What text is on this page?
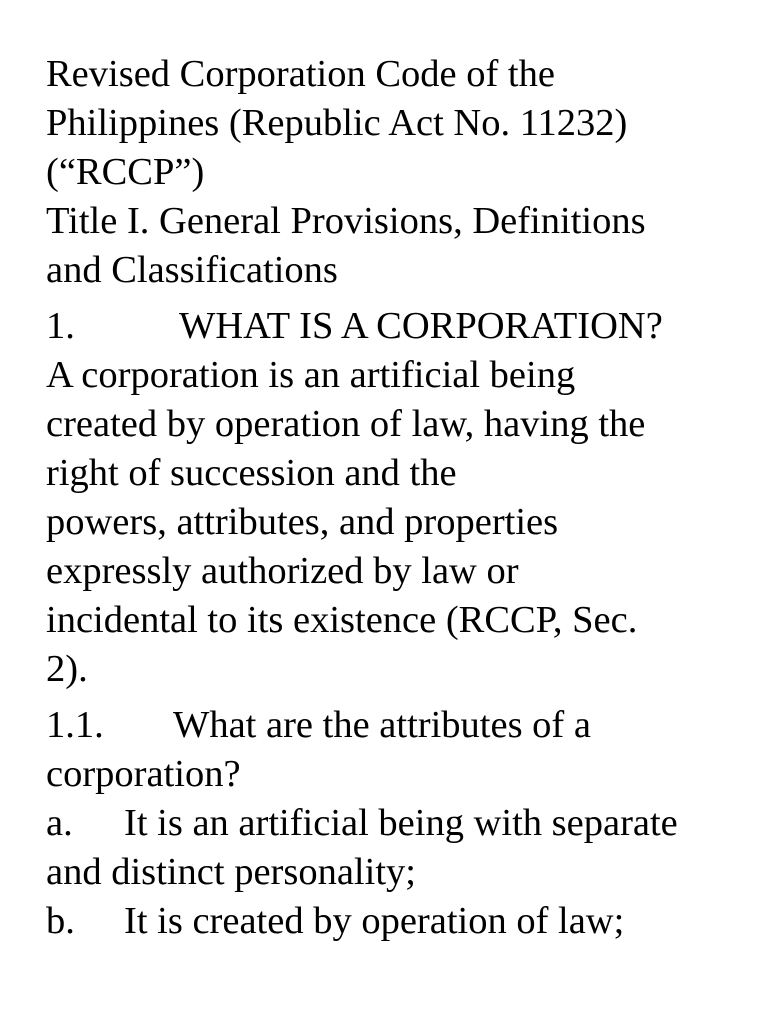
Revised Corporation Code of the
Philippines (Republic Act No. 11232)
(“RCCP”)
Title I. General Provisions, Definitions
and Classifications
1.	WHAT IS A CORPORATION?
A corporation is an artificial being
created by operation of law, having the
right of succession and the
powers, attributes, and properties
expressly authorized by law or
incidental to its existence (RCCP, Sec.
2).
1.1. What are the attributes of a
corporation?
a. It is an artificial being with separate
and distinct personality;
b. It is created by operation of law;
